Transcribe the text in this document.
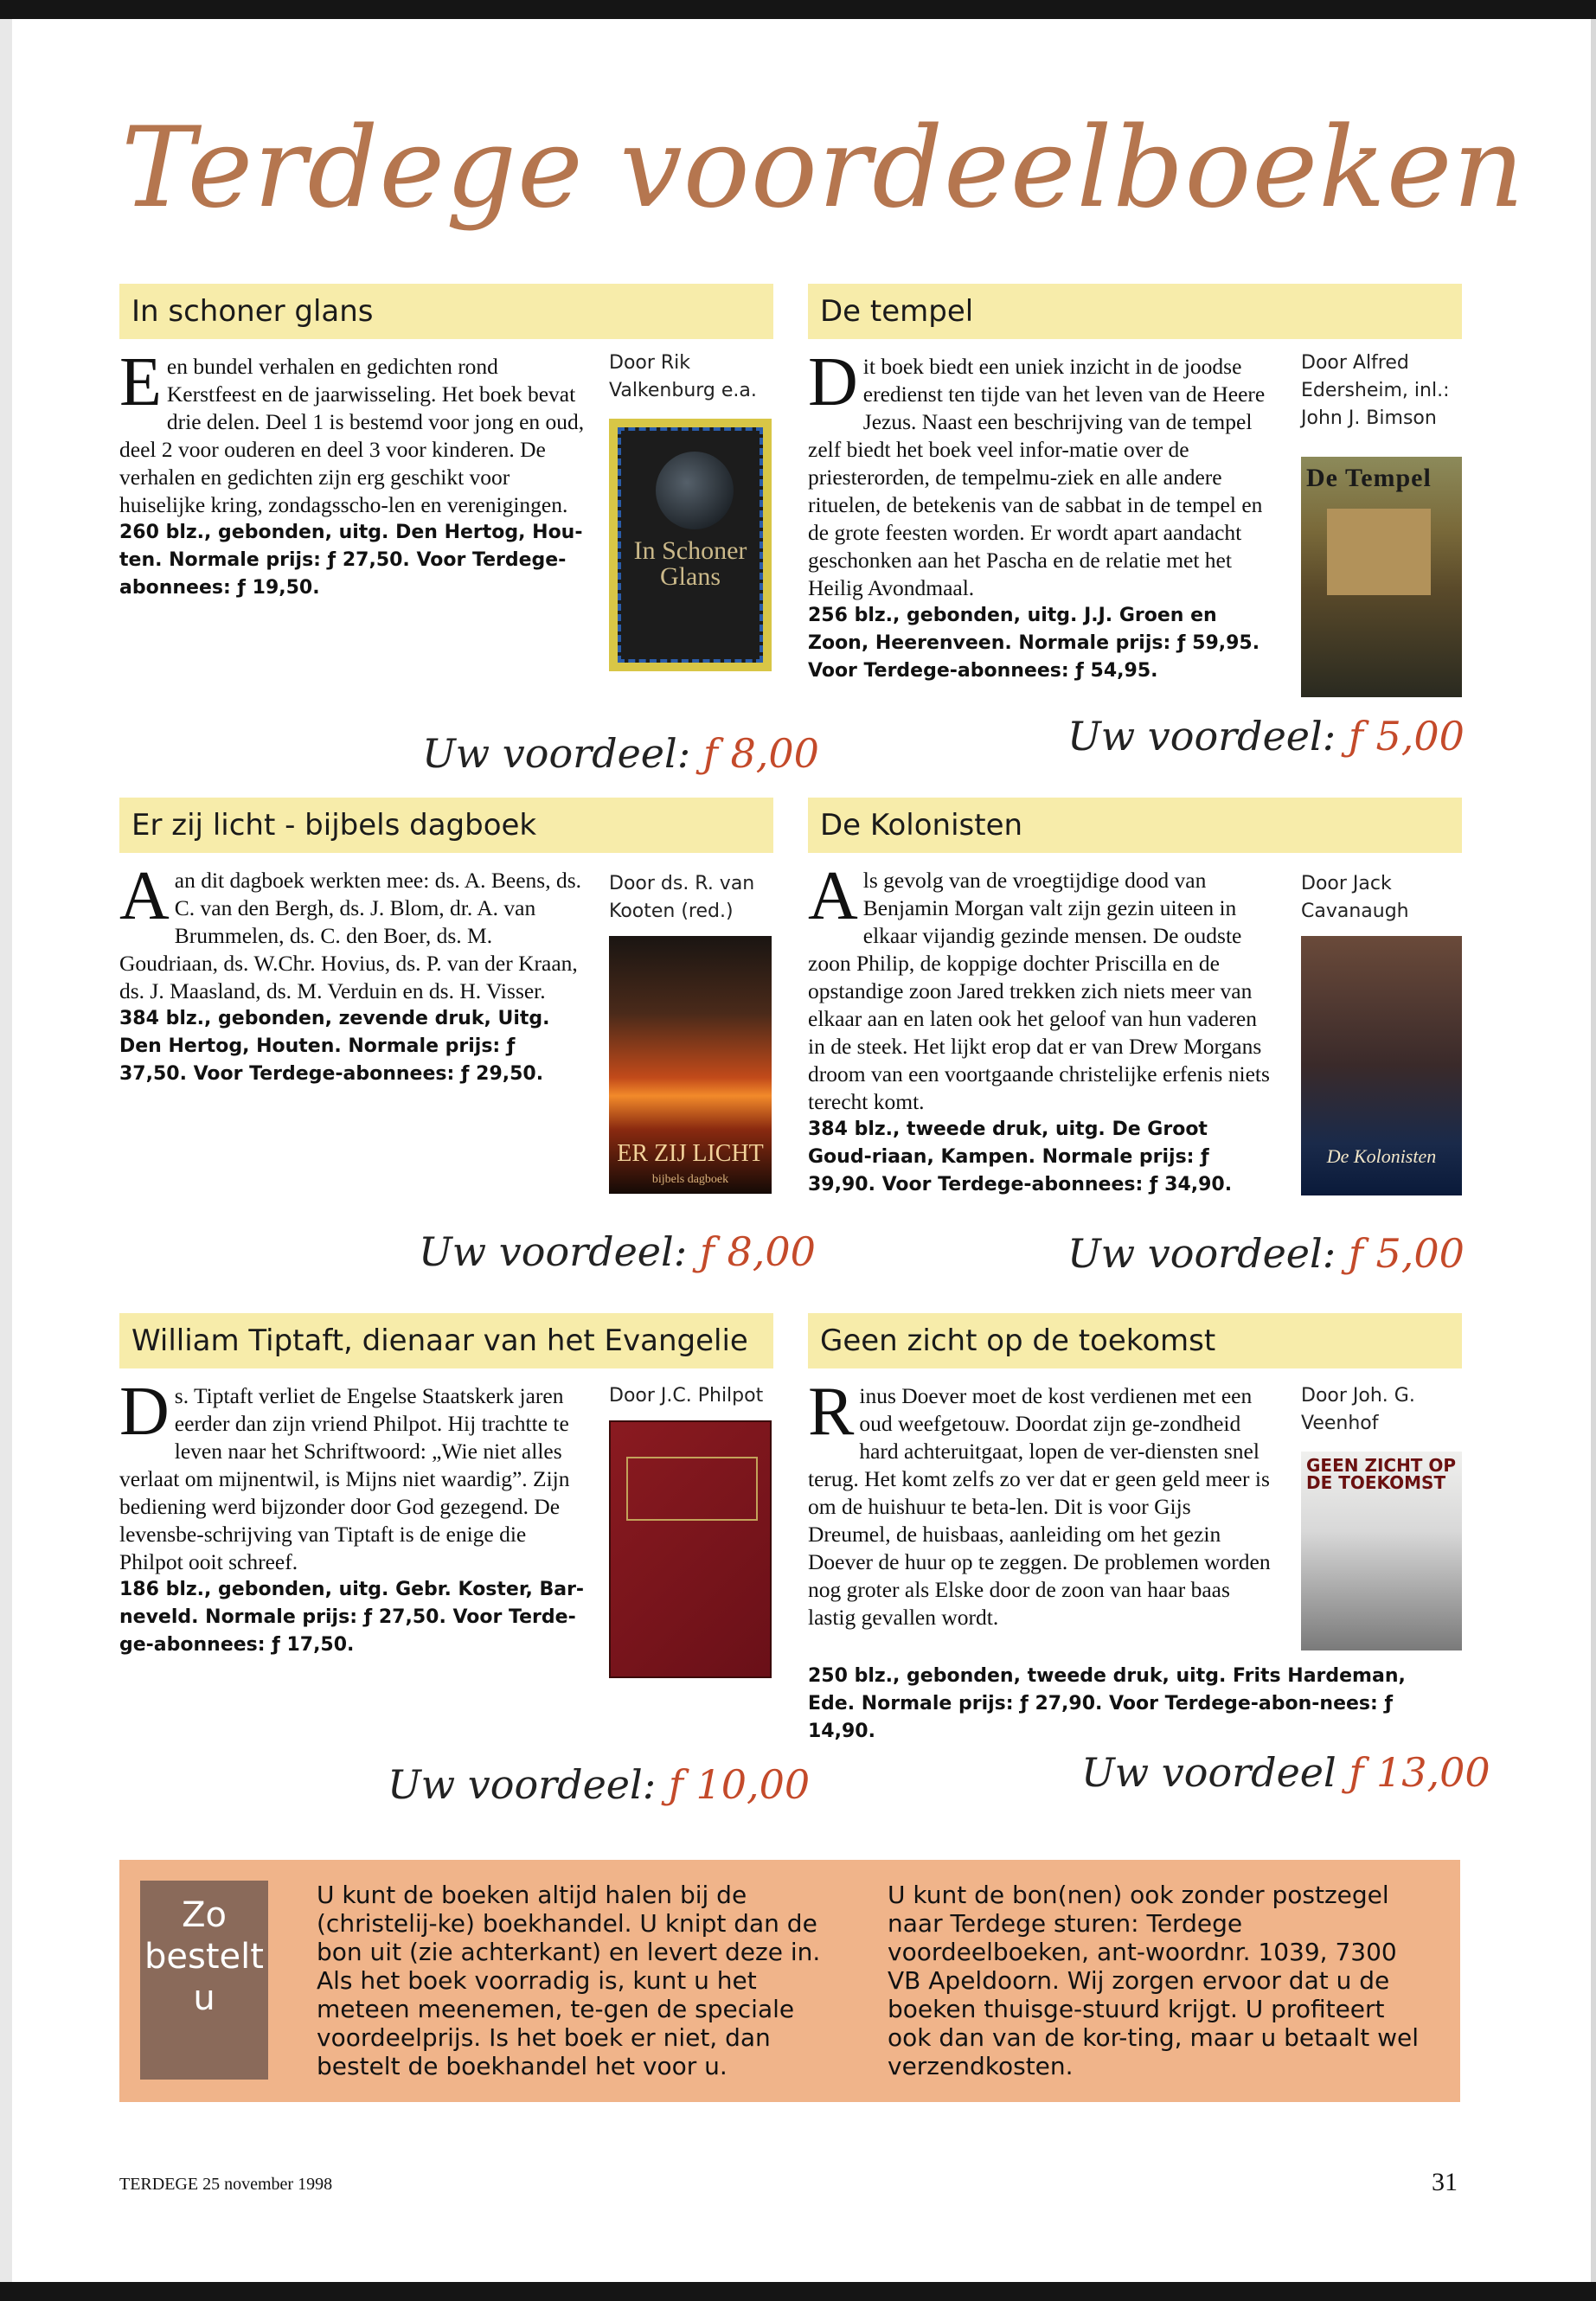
Terdege voordeelboeken
In schoner glans
Een bundel verhalen en gedichten rond Kerstfeest en de jaarwisseling. Het boek bevat drie delen. Deel 1 is bestemd voor jong en oud, deel 2 voor ouderen en deel 3 voor kinderen. De verhalen en gedichten zijn erg geschikt voor huiselijke kring, zondagsscho-len en verenigingen.
260 blz., gebonden, uitg. Den Hertog, Hou-ten. Normale prijs: ƒ 27,50. Voor Terdege-abonnees: ƒ 19,50.
Door Rik Valkenburg e.a.
In Schoner Glans
Uw voordeel: ƒ 8,00
De tempel
Dit boek biedt een uniek inzicht in de joodse eredienst ten tijde van het leven van de Heere Jezus. Naast een beschrijving van de tempel zelf biedt het boek veel infor-matie over de priesterorden, de tempelmu-ziek en alle andere rituelen, de betekenis van de sabbat in de tempel en de grote feesten worden. Er wordt apart aandacht geschonken aan het Pascha en de relatie met het Heilig Avondmaal.
256 blz., gebonden, uitg. J.J. Groen en Zoon, Heerenveen. Normale prijs: ƒ 59,95. Voor Terdege-abonnees: ƒ 54,95.
Door Alfred Edersheim, inl.: John J. Bimson
De Tempel
Uw voordeel: ƒ 5,00
Er zij licht - bijbels dagboek
Aan dit dagboek werkten mee: ds. A. Beens, ds. C. van den Bergh, ds. J. Blom, dr. A. van Brummelen, ds. C. den Boer, ds. M. Goudriaan, ds. W.Chr. Hovius, ds. P. van der Kraan, ds. J. Maasland, ds. M. Verduin en ds. H. Visser.
384 blz., gebonden, zevende druk, Uitg. Den Hertog, Houten. Normale prijs: ƒ 37,50. Voor Terdege-abonnees: ƒ 29,50.
Door ds. R. van Kooten (red.)
ER ZIJ LICHT
bijbels dagboek
Uw voordeel: ƒ 8,00
De Kolonisten
Als gevolg van de vroegtijdige dood van Benjamin Morgan valt zijn gezin uiteen in elkaar vijandig gezinde mensen. De oudste zoon Philip, de koppige dochter Priscilla en de opstandige zoon Jared trekken zich niets meer van elkaar aan en laten ook het geloof van hun vaderen in de steek. Het lijkt erop dat er van Drew Morgans droom van een voortgaande christelijke erfenis niets terecht komt.
384 blz., tweede druk, uitg. De Groot Goud-riaan, Kampen. Normale prijs: ƒ 39,90. Voor Terdege-abonnees: ƒ 34,90.
Door Jack Cavanaugh
De Kolonisten
Uw voordeel: ƒ 5,00
William Tiptaft, dienaar van het Evangelie
Ds. Tiptaft verliet de Engelse Staatskerk jaren eerder dan zijn vriend Philpot. Hij trachtte te leven naar het Schriftwoord: „Wie niet alles verlaat om mijnentwil, is Mijns niet waardig”. Zijn bediening werd bijzonder door God gezegend. De levensbe-schrijving van Tiptaft is de enige die Philpot ooit schreef.
186 blz., gebonden, uitg. Gebr. Koster, Bar-neveld. Normale prijs: ƒ 27,50. Voor Terde-ge-abonnees: ƒ 17,50.
Door J.C. Philpot
Uw voordeel: ƒ 10,00
Geen zicht op de toekomst
Rinus Doever moet de kost verdienen met een oud weefgetouw. Doordat zijn ge-zondheid hard achteruitgaat, lopen de ver-diensten snel terug. Het komt zelfs zo ver dat er geen geld meer is om de huishuur te beta-len. Dit is voor Gijs Dreumel, de huisbaas, aanleiding om het gezin Doever de huur op te zeggen. De problemen worden nog groter als Elske door de zoon van haar baas lastig gevallen wordt.
250 blz., gebonden, tweede druk, uitg. Frits Hardeman, Ede. Normale prijs: ƒ 27,90. Voor Terdege-abon-nees: ƒ 14,90.
Door Joh. G. Veenhof
GEEN ZICHT OP DE TOEKOMST
Uw voordeel ƒ 13,00
Zo bestelt u
U kunt de boeken altijd halen bij de (christelij-ke) boekhandel. U knipt dan de bon uit (zie achterkant) en levert deze in. Als het boek voorradig is, kunt u het meteen meenemen, te-gen de speciale voordeelprijs. Is het boek er niet, dan bestelt de boekhandel het voor u.
U kunt de bon(nen) ook zonder postzegel naar Terdege sturen: Terdege voordeelboeken, ant-woordnr. 1039, 7300 VB Apeldoorn. Wij zorgen ervoor dat u de boeken thuisge-stuurd krijgt. U profiteert ook dan van de kor-ting, maar u betaalt wel verzendkosten.
TERDEGE 25 november 1998	31
